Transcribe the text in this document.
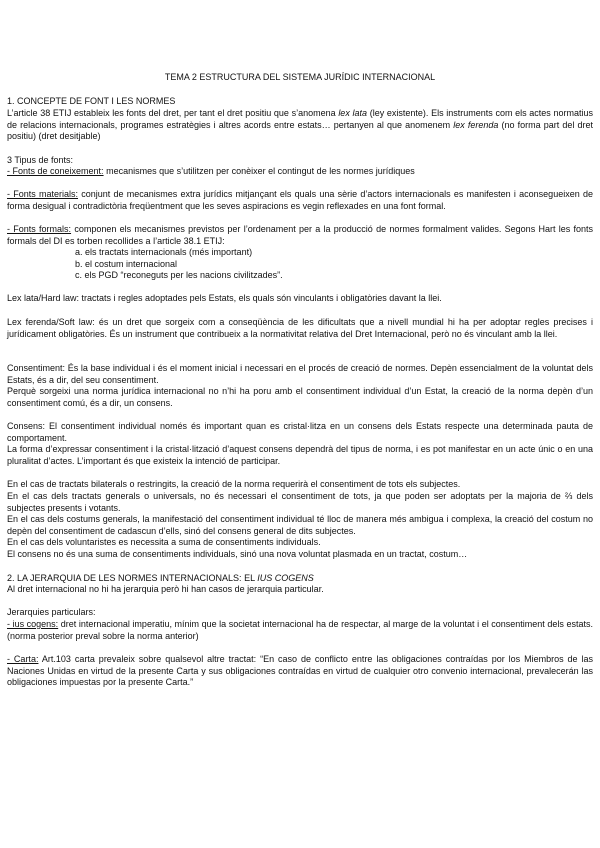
TEMA 2 ESTRUCTURA DEL SISTEMA JURÍDIC INTERNACIONAL
1. CONCEPTE DE FONT I LES NORMES
L’article 38 ETIJ estableix les fonts del dret, per tant el dret positiu que s’anomena lex lata (ley existente). Els instruments com els actes normatius de relacions internacionals, programes estratègies i altres acords entre estats… pertanyen al que anomenem lex ferenda (no forma part del dret positiu) (dret desitjable)
3 Tipus de fonts:
- Fonts de coneixement: mecanismes que s’utilitzen per conèixer el contingut de les normes jurídiques
- Fonts materials: conjunt de mecanismes extra jurídics mitjançant els quals una sèrie d’actors internacionals es manifesten i aconsegueixen de forma desigual i contradictòria freqüentment que les seves aspiracions es vegin reflexades en una font formal.
- Fonts formals: componen els mecanismes previstos per l’ordenament per a la producció de normes formalment valides. Segons Hart les fonts formals del DI es torben recollides a l’article 38.1 ETIJ:
a. els tractats internacionals (més important)
b. el costum internacional
c. els PGD “reconeguts per les nacions civilitzades”.
Lex lata/Hard law: tractats i regles adoptades pels Estats, els quals són vinculants i obligatòries davant la llei.
Lex ferenda/Soft law: és un dret que sorgeix com a conseqüència de les dificultats que a nivell mundial hi ha per adoptar regles precises i jurídicament obligatòries. És un instrument que contribueix a la normativitat relativa del Dret Internacional, però no és vinculant amb la llei.
Consentiment: És la base individual i és el moment inicial i necessari en el procés de creació de normes. Depèn essencialment de la voluntat dels Estats, és a dir, del seu consentiment.
Perquè sorgeixi una norma jurídica internacional no n’hi ha poru amb el consentiment individual d’un Estat, la creació de la norma depèn d’un consentiment comú, és a dir, un consens.
Consens: El consentiment individual només és important quan es cristal·litza en un consens dels Estats respecte una determinada pauta de comportament.
La forma d’expressar consentiment i la cristal·lització d’aquest consens dependrà del tipus de norma, i es pot manifestar en un acte únic o en una pluralitat d’actes. L’important és que existeix la intenció de participar.
En el cas de tractats bilaterals o restringits, la creació de la norma requerirà el consentiment de tots els subjectes.
En el cas dels tractats generals o universals, no és necessari el consentiment de tots, ja que poden ser adoptats per la majoria de ⅔ dels subjectes presents i votants.
En el cas dels costums generals, la manifestació del consentiment individual té lloc de manera més ambigua i complexa, la creació del costum no depèn del consentiment de cadascun d’ells, sinó del consens general de dits subjectes.
En el cas dels voluntaristes es necessita a suma de consentiments individuals.
El consens no és una suma de consentiments individuals, sinó una nova voluntat plasmada en un tractat, costum…
2. LA JERARQUIA DE LES NORMES INTERNACIONALS: EL IUS COGENS
Al dret internacional no hi ha jerarquia però hi han casos de jerarquia particular.
Jerarquies particulars:
- ius cogens: dret internacional imperatiu, mínim que la societat internacional ha de respectar, al marge de la voluntat i el consentiment dels estats. (norma posterior preval sobre la norma anterior)
- Carta: Art.103 carta prevaleix sobre qualsevol altre tractat: “En caso de conflicto entre las obligaciones contraídas por los Miembros de las Naciones Unidas en virtud de la presente Carta y sus obligaciones contraídas en virtud de cualquier otro convenio internacional, prevalecerán las obligaciones impuestas por la presente Carta.”
